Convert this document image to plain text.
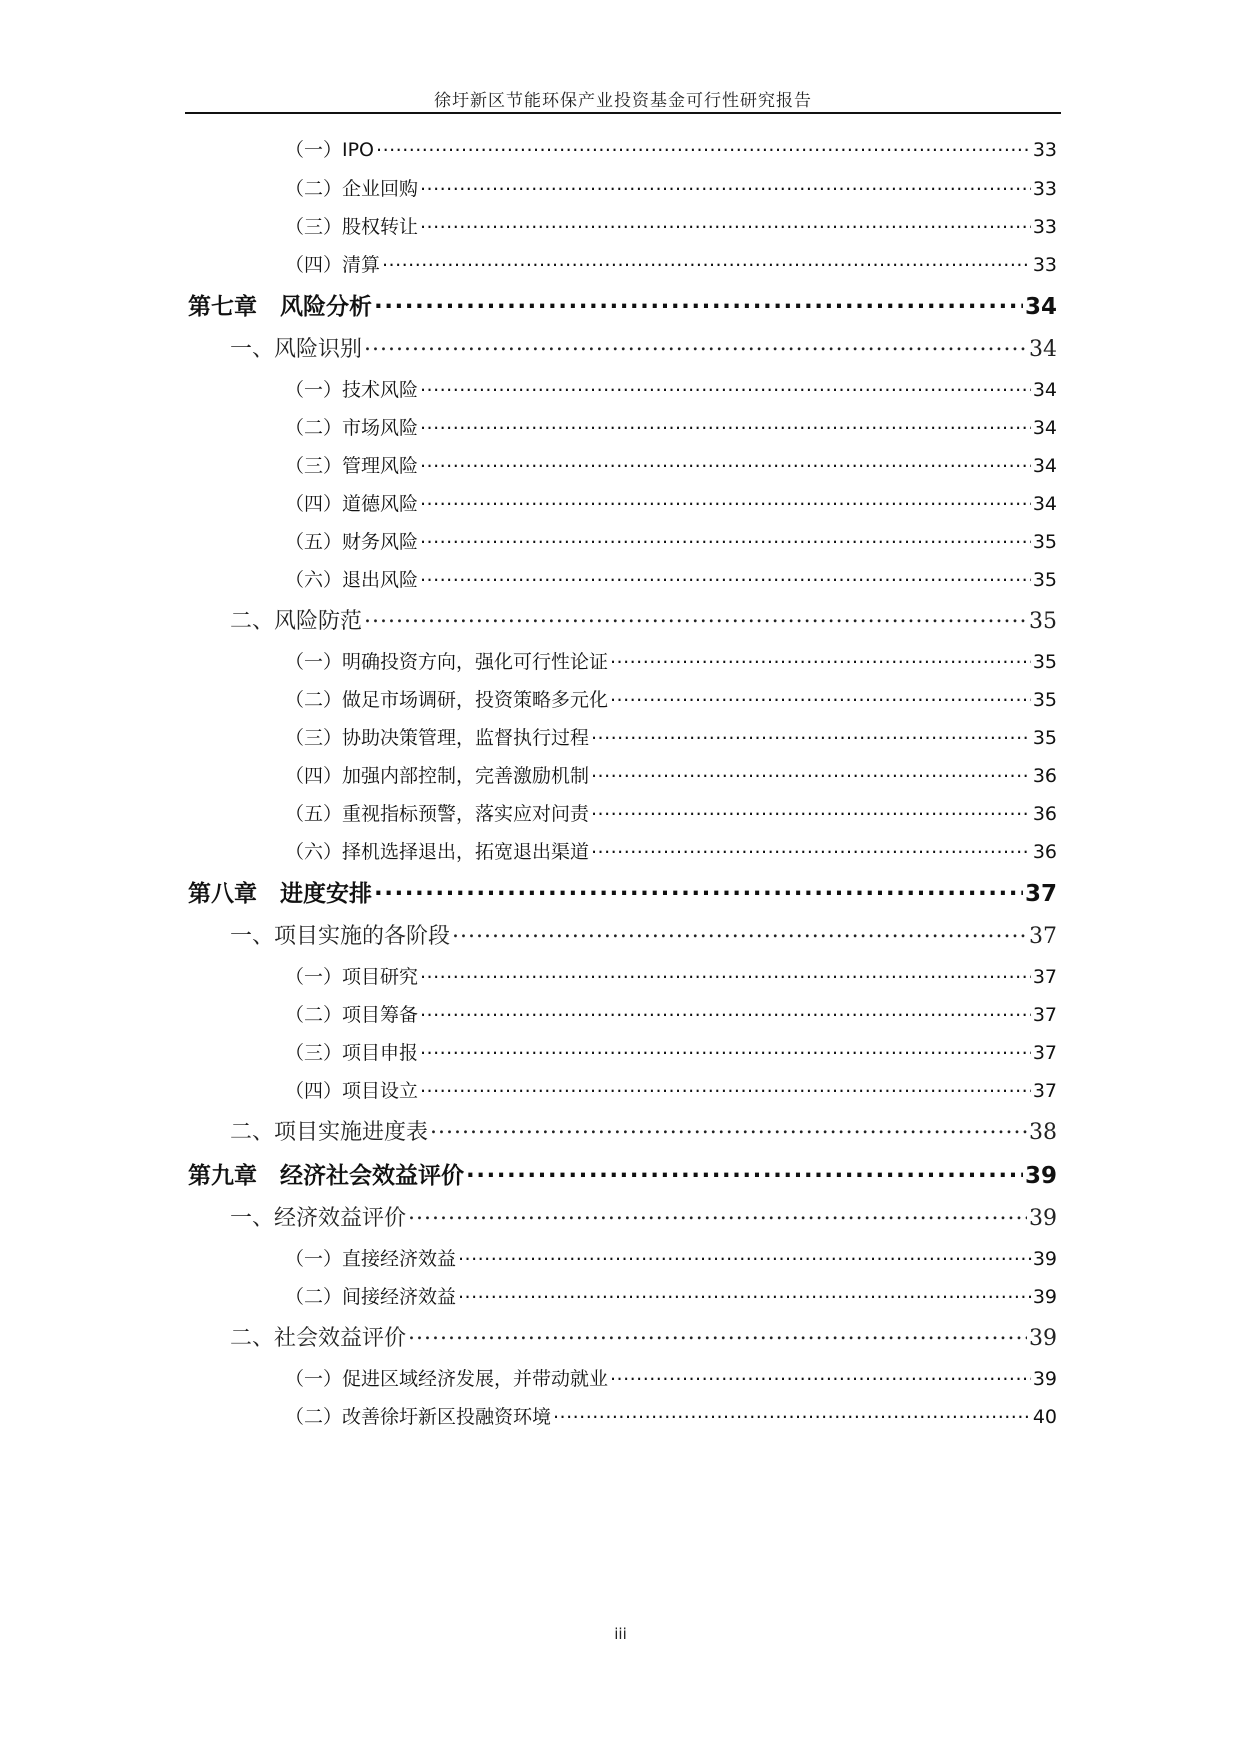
徐圩新区节能环保产业投资基金可行性研究报告
（一）IPO .....	33
（二）企业回购 .....	33
（三）股权转让 .....	33
（四）清算 .....	33
第七章　风险分析 .....	34
一、风险识别 .....	34
（一）技术风险 .....	34
（二）市场风险 .....	34
（三）管理风险 .....	34
（四）道德风险 .....	34
（五）财务风险 .....	35
（六）退出风险 .....	35
二、风险防范 .....	35
（一）明确投资方向，强化可行性论证 .....	35
（二）做足市场调研，投资策略多元化 .....	35
（三）协助决策管理，监督执行过程 .....	35
（四）加强内部控制，完善激励机制 .....	36
（五）重视指标预警，落实应对问责 .....	36
（六）择机选择退出，拓宽退出渠道 .....	36
第八章　进度安排 .....	37
一、项目实施的各阶段 .....	37
（一）项目研究 .....	37
（二）项目筹备 .....	37
（三）项目申报 .....	37
（四）项目设立 .....	37
二、项目实施进度表 .....	38
第九章　经济社会效益评价 .....	39
一、经济效益评价 .....	39
（一）直接经济效益 .....	39
（二）间接经济效益 .....	39
二、社会效益评价 .....	39
（一）促进区域经济发展，并带动就业 .....	39
（二）改善徐圩新区投融资环境 .....	40
iii
